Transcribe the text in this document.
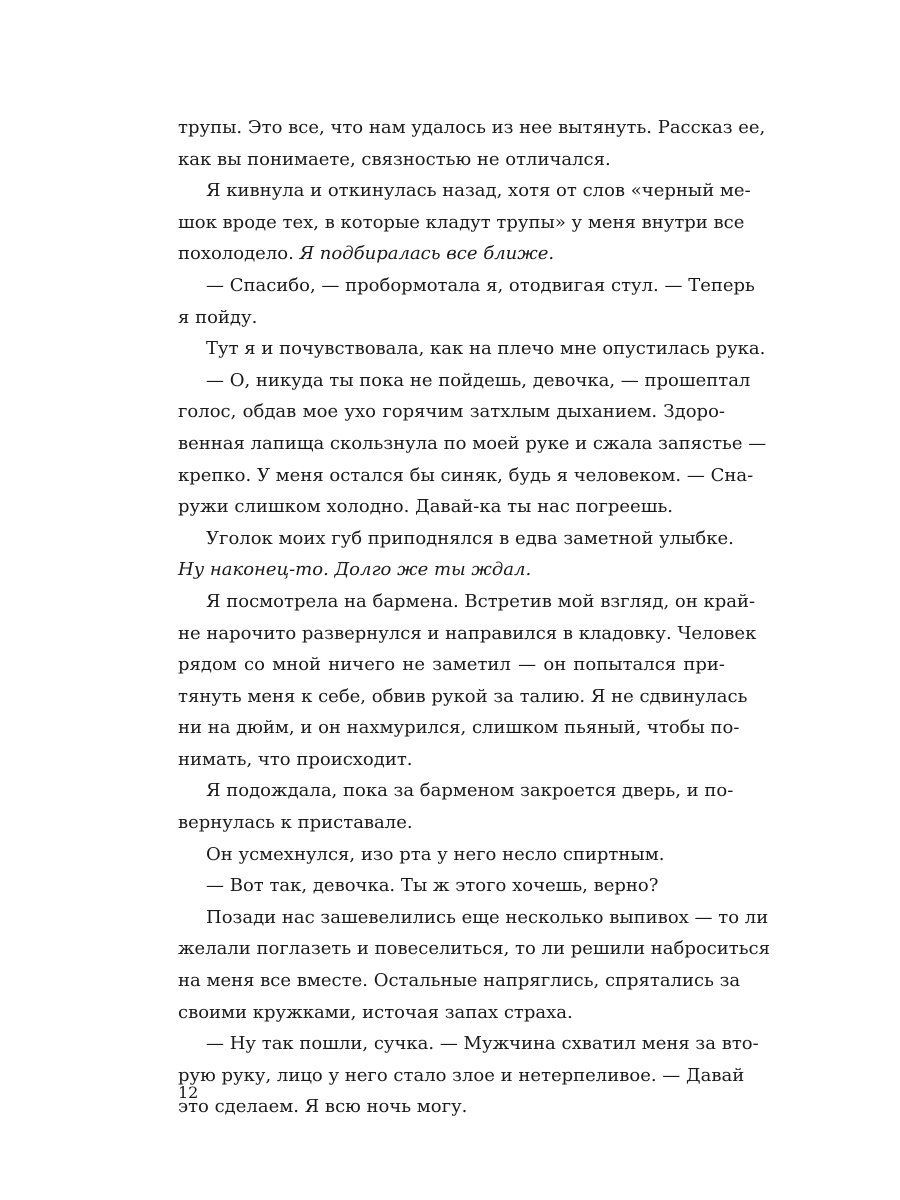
трупы. Это все, что нам удалось из нее вытянуть. Рассказ ее,
как вы понимаете, связностью не отличался.
Я кивнула и откинулась назад, хотя от слов «черный ме-
шок вроде тех, в которые кладут трупы» у меня внутри все
похолодело. Я подбиралась все ближе.
— Спасибо, — пробормотала я, отодвигая стул. — Теперь
я пойду.
Тут я и почувствовала, как на плечо мне опустилась рука.
— О, никуда ты пока не пойдешь, девочка, — прошептал
голос, обдав мое ухо горячим затхлым дыханием. Здоро-
венная лапища скользнула по моей руке и сжала запястье —
крепко. У меня остался бы синяк, будь я человеком. — Сна-
ружи слишком холодно. Давай-ка ты нас погреешь.
Уголок моих губ приподнялся в едва заметной улыбке.
Ну наконец-то. Долго же ты ждал.
Я посмотрела на бармена. Встретив мой взгляд, он край-
не нарочито развернулся и направился в кладовку. Человек
рядом со мной ничего не заметил — он попытался при-
тянуть меня к себе, обвив рукой за талию. Я не сдвинулась
ни на дюйм, и он нахмурился, слишком пьяный, чтобы по-
нимать, что происходит.
Я подождала, пока за барменом закроется дверь, и по-
вернулась к приставале.
Он усмехнулся, изо рта у него несло спиртным.
— Вот так, девочка. Ты ж этого хочешь, верно?
Позади нас зашевелились еще несколько выпивох — то ли
желали поглазеть и повеселиться, то ли решили наброситься
на меня все вместе. Остальные напряглись, спрятались за
своими кружками, источая запах страха.
— Ну так пошли, сучка. — Мужчина схватил меня за вто-
рую руку, лицо у него стало злое и нетерпеливое. — Давай
это сделаем. Я всю ночь могу.
12
